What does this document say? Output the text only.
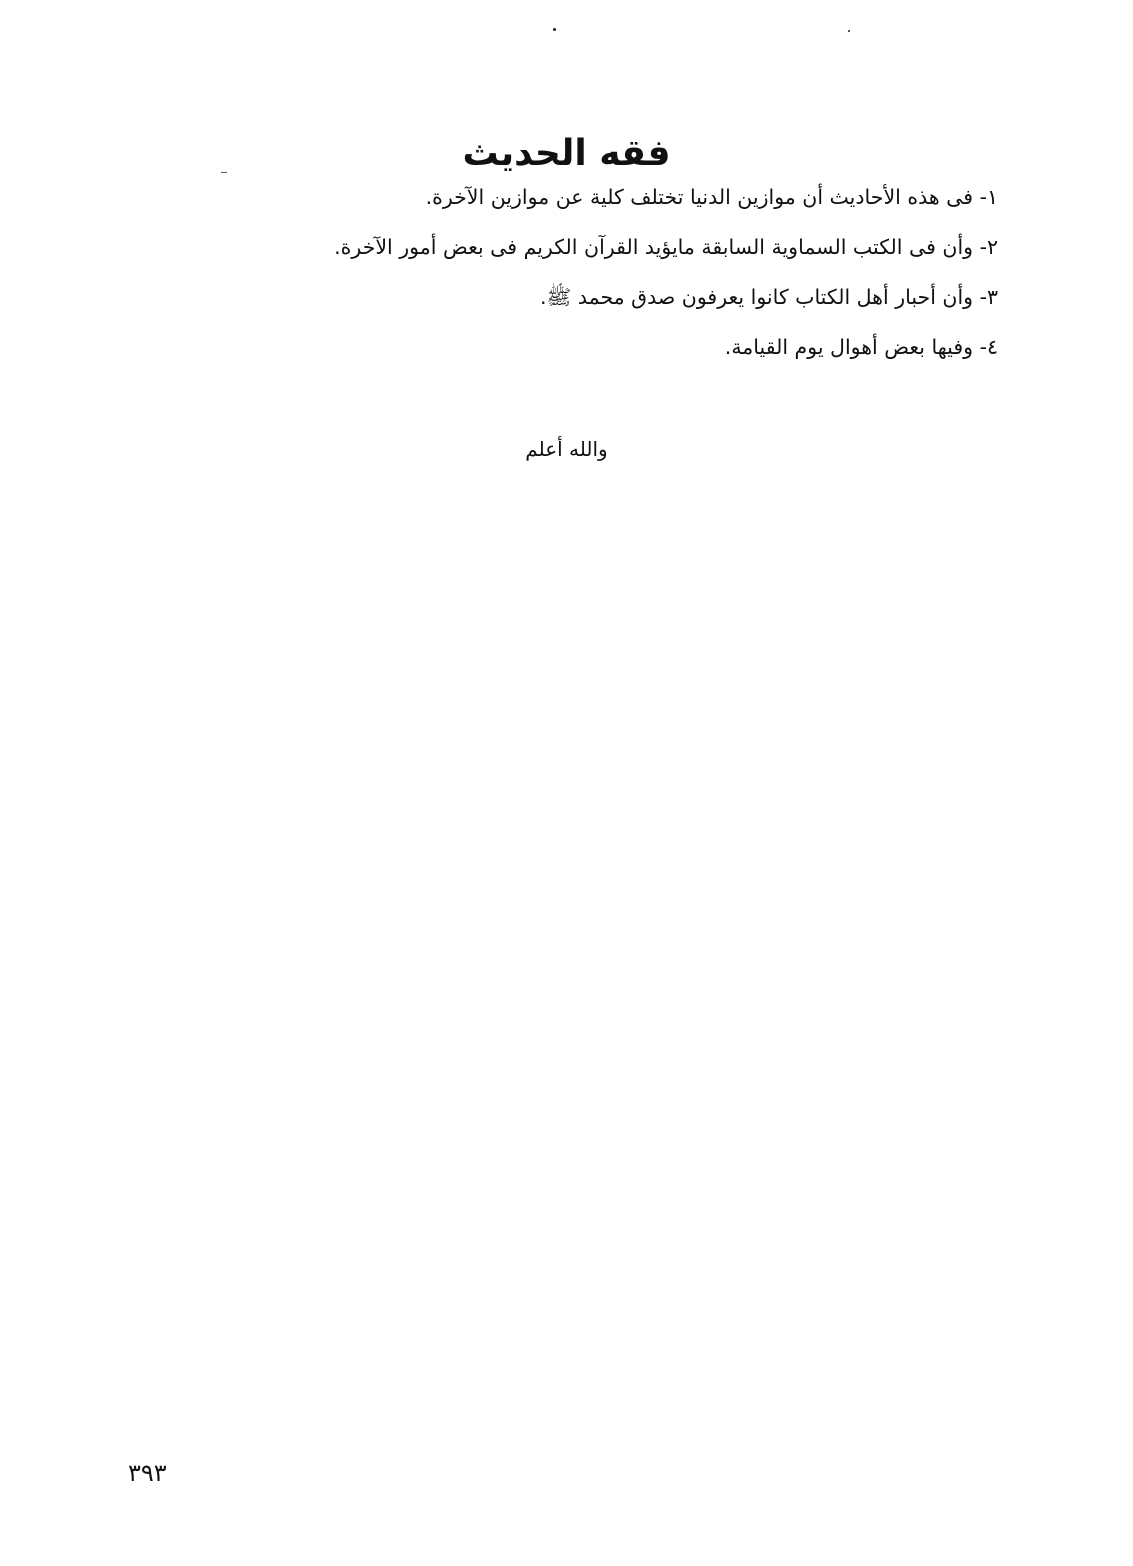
فقه الحديث
١- فى هذه الأحاديث أن موازين الدنيا تختلف كلية عن موازين الآخرة.
٢- وأن فى الكتب السماوية السابقة مايؤيد القرآن الكريم فى بعض أمور الآخرة.
٣- وأن أحبار أهل الكتاب كانوا يعرفون صدق محمد ﷺ.
٤- وفيها بعض أهوال يوم القيامة.
والله أعلم
٣٩٣
